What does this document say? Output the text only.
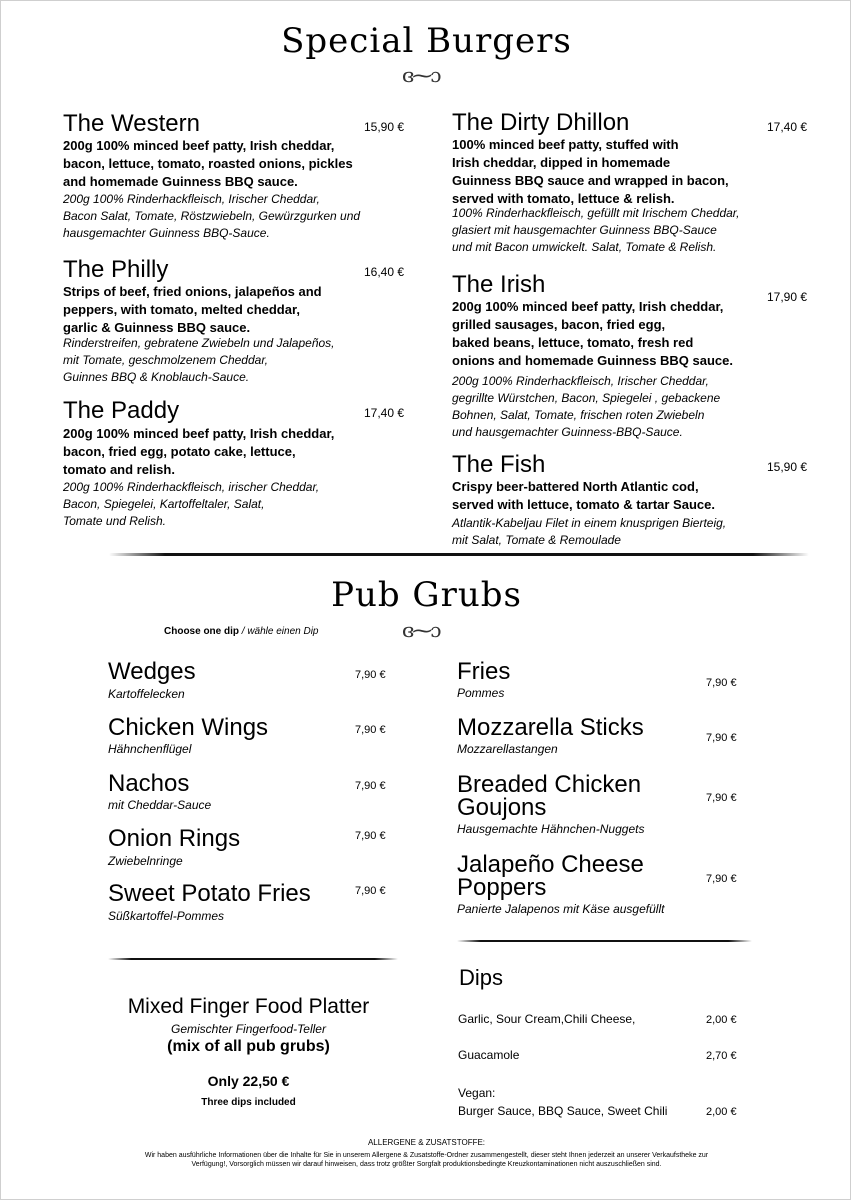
Special Burgers
ɞ⁓ɔ
The Western	15,90 €
200g 100% minced beef patty, Irish cheddar,
bacon, lettuce, tomato, roasted onions, pickles
and homemade Guinness BBQ sauce.
200g 100% Rinderhackfleisch, Irischer Cheddar,
Bacon Salat, Tomate, Röstzwiebeln, Gewürzgurken und
hausgemachter Guinness BBQ-Sauce.
The Philly	16,40 €
Strips of beef, fried onions, jalapeños and
peppers, with tomato, melted cheddar,
garlic & Guinness BBQ sauce.
Rinderstreifen, gebratene Zwiebeln und Jalapeños,
mit Tomate, geschmolzenem Cheddar,
Guinnes BBQ & Knoblauch-Sauce.
The Paddy	17,40 €
200g 100% minced beef patty, Irish cheddar,
bacon, fried egg, potato cake, lettuce,
tomato and relish.
200g 100% Rinderhackfleisch, irischer Cheddar,
Bacon, Spiegelei, Kartoffeltaler, Salat,
Tomate und Relish.
The Dirty Dhillon	17,40 €
100% minced beef patty, stuffed with
Irish cheddar, dipped in homemade
Guinness BBQ sauce and wrapped in bacon,
served with tomato, lettuce & relish.
100% Rinderhackfleisch, gefüllt mit Irischem Cheddar,
glasiert mit hausgemachter Guinness BBQ-Sauce
und mit Bacon umwickelt. Salat, Tomate & Relish.
The Irish	17,90 €
200g 100% minced beef patty, Irish cheddar,
grilled sausages, bacon, fried egg,
baked beans, lettuce, tomato, fresh red
onions and homemade Guinness BBQ sauce.
200g 100% Rinderhackfleisch, Irischer Cheddar,
gegrillte Würstchen, Bacon, Spiegelei , gebackene
Bohnen, Salat, Tomate, frischen roten Zwiebeln
und hausgemachter Guinness-BBQ-Sauce.
The Fish	15,90 €
Crispy beer-battered North Atlantic cod,
served with lettuce, tomato & tartar Sauce.
Atlantik-Kabeljau Filet in einem knusprigen Bierteig,
mit Salat, Tomate & Remoulade
Pub Grubs
Choose one dip / wähle einen Dip	ɞ⁓ɔ
Wedges
Kartoffelecken
7,90 €
Chicken Wings
Hähnchenflügel
7,90 €
Nachos
mit Cheddar-Sauce
7,90 €
Onion Rings
Zwiebelnringe
7,90 €
Sweet Potato Fries
Süßkartoffel-Pommes
7,90 €
Fries
Pommes
7,90 €
Mozzarella Sticks
Mozzarellastangen
7,90 €
Breaded Chicken
Goujons
Hausgemachte Hähnchen-Nuggets
7,90 €
Jalapeño Cheese
Poppers
Panierte Jalapenos mit Käse ausgefüllt
7,90 €
Mixed Finger Food Platter
Gemischter Fingerfood-Teller
(mix of all pub grubs)
Only 22,50 €
Three dips included
Dips
Garlic, Sour Cream,Chili Cheese,	2,00 €
Guacamole	2,70 €
Vegan:
Burger Sauce, BBQ Sauce, Sweet Chili	2,00 €
ALLERGENE & ZUSATSTOFFE:
Wir haben ausführliche Informationen über die Inhalte für Sie in unserem Allergene & Zusatstoffe-Ordner zusammengestellt, dieser steht Ihnen jederzeit an unserer Verkaufstheke zur
Verfügung!, Vorsorglich müssen wir darauf hinweisen, dass trotz größter Sorgfalt produktionsbedingte Kreuzkontaminationen nicht auszuschließen sind.
